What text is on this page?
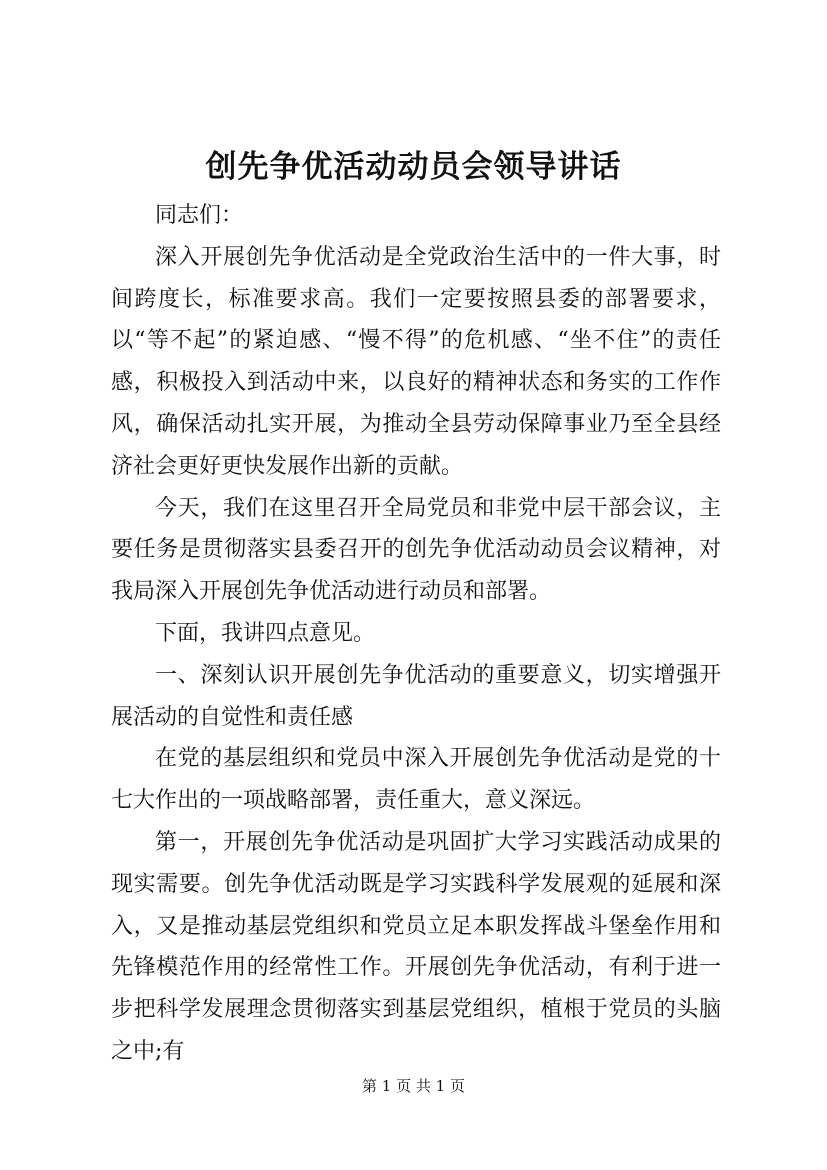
创先争优活动动员会领导讲话

同志们：

深入开展创先争优活动是全党政治生活中的一件大事，时间跨度长，标准要求高。我们一定要按照县委的部署要求，以“等不起”的紧迫感、“慢不得”的危机感、“坐不住”的责任感，积极投入到活动中来，以良好的精神状态和务实的工作作风，确保活动扎实开展，为推动全县劳动保障事业乃至全县经济社会更好更快发展作出新的贡献。

今天，我们在这里召开全局党员和非党中层干部会议，主要任务是贯彻落实县委召开的创先争优活动动员会议精神，对我局深入开展创先争优活动进行动员和部署。

下面，我讲四点意见。

一、深刻认识开展创先争优活动的重要意义，切实增强开展活动的自觉性和责任感

在党的基层组织和党员中深入开展创先争优活动是党的十七大作出的一项战略部署，责任重大，意义深远。

第一，开展创先争优活动是巩固扩大学习实践活动成果的现实需要。创先争优活动既是学习实践科学发展观的延展和深入，又是推动基层党组织和党员立足本职发挥战斗堡垒作用和先锋模范作用的经常性工作。开展创先争优活动，有利于进一步把科学发展理念贯彻落实到基层党组织，植根于党员的头脑之中;有

第 1 页 共 1 页
